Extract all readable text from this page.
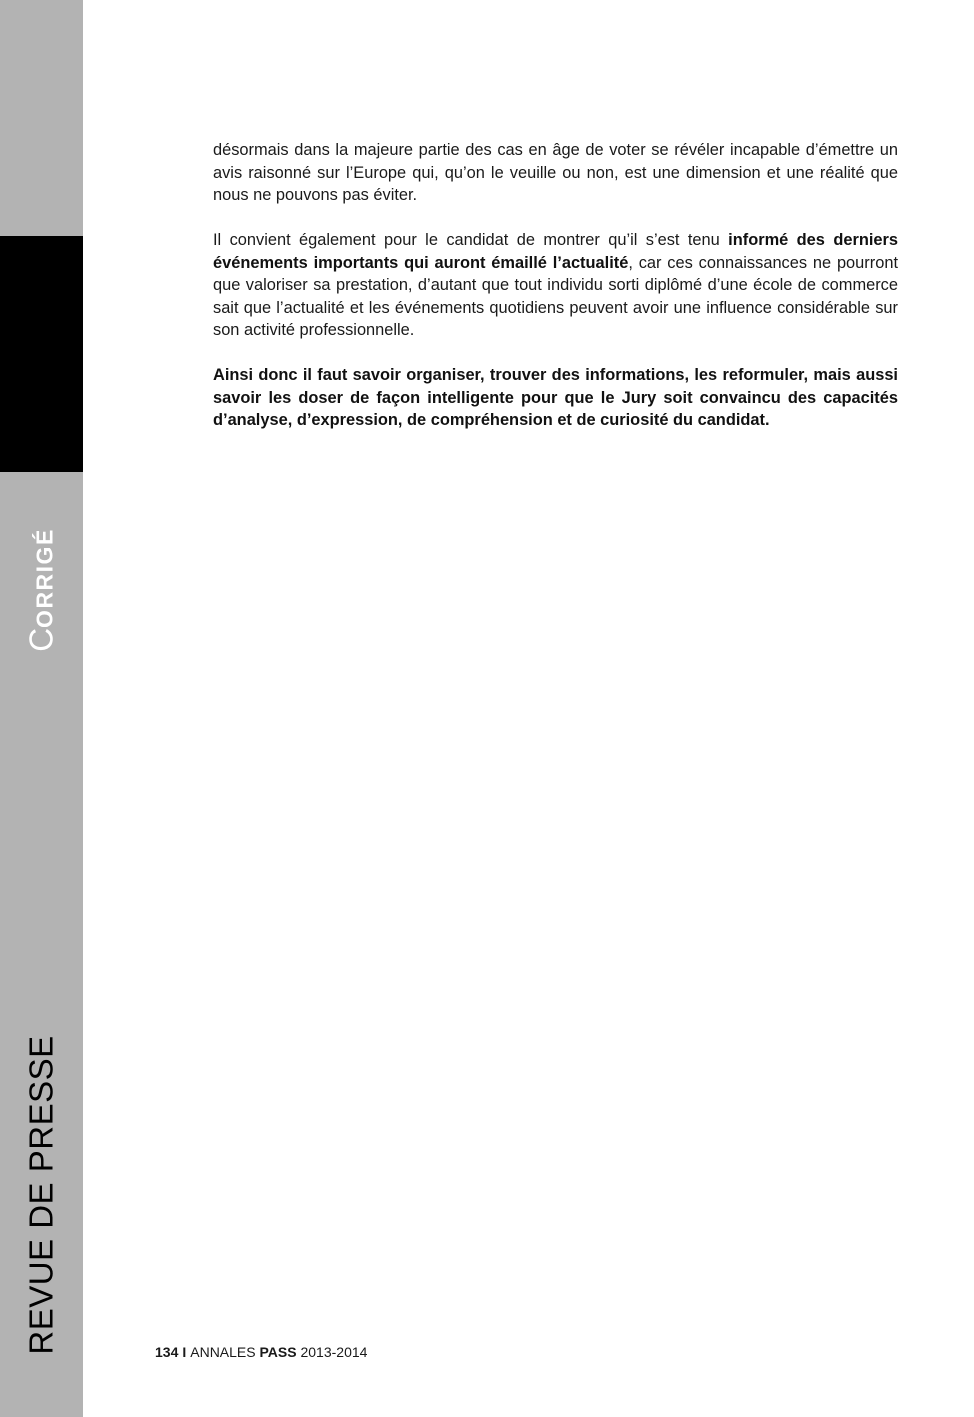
CORRIGÉ
REVUE DE PRESSE

désormais dans la majeure partie des cas en âge de voter se révéler incapable d’émettre un avis raisonné sur l’Europe qui, qu’on le veuille ou non, est une dimension et une réalité que nous ne pouvons pas éviter.

Il convient également pour le candidat de montrer qu’il s’est tenu informé des derniers événements importants qui auront émaillé l’actualité, car ces connaissances ne pourront que valoriser sa prestation, d’autant que tout individu sorti diplômé d’une école de commerce sait que l’actualité et les événements quotidiens peuvent avoir une influence considérable sur son activité professionnelle.

Ainsi donc il faut savoir organiser, trouver des informations, les reformuler, mais aussi savoir les doser de façon intelligente pour que le Jury soit convaincu des capacités d’analyse, d’expression, de compréhension et de curiosité du candidat.

134 I ANNALES PASS 2013-2014
